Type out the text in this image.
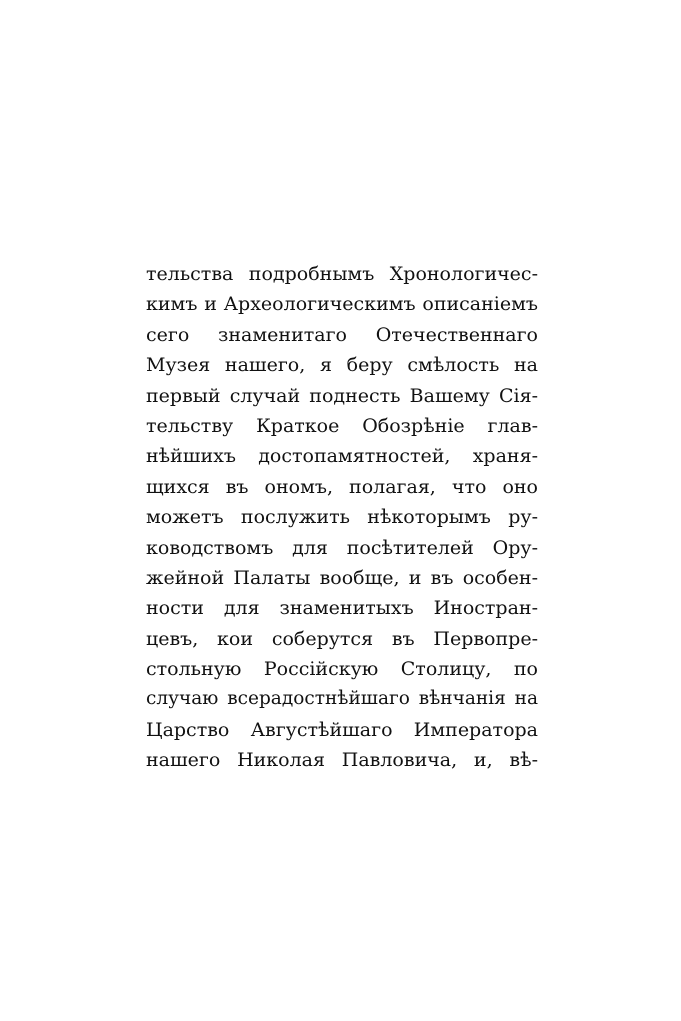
тельства подробнымъ Хронологичес-
кимъ и Археологическимъ описаніемъ
сего знаменитаго Отечественнаго
Музея нашего, я беру смѣлость на
первый случай поднесть Вашему Сія-
тельству Краткое Обозрѣніе глав-
нѣйшихъ достопамятностей, храня-
щихся въ ономъ, полагая, что оно
можетъ послужить нѣкоторымъ ру-
ководствомъ для посѣтителей Ору-
жейной Палаты вообще, и въ особен-
ности для знаменитыхъ Иностран-
цевъ, кои соберутся въ Первопре-
стольную Россійскую Столицу, по
случаю всерадостнѣйшаго вѣнчанія на
Царство Августѣйшаго Императора
нашего Николая Павловича, и, вѣ-
